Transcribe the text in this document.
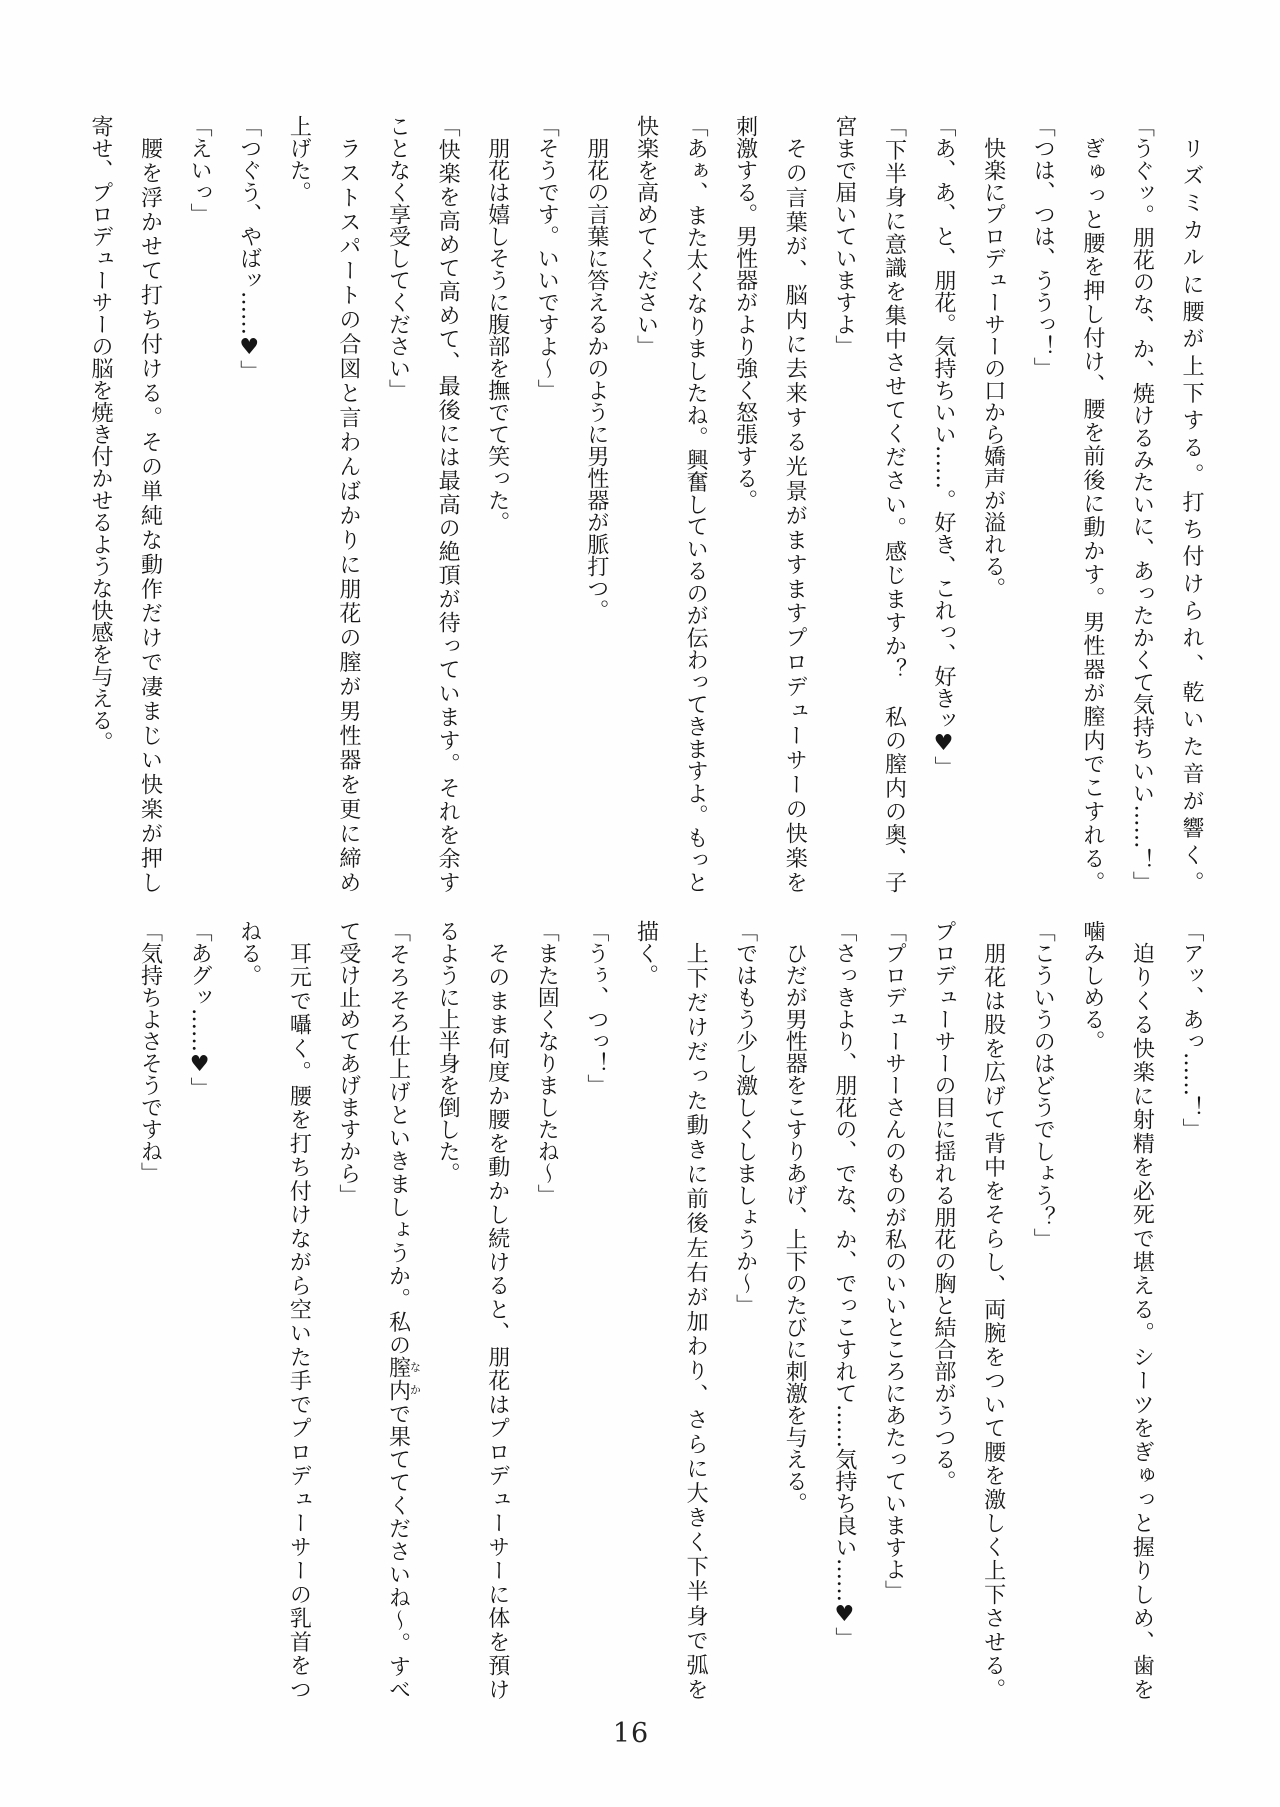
リズミカルに腰が上下する。打ち付けられ、乾いた音が響く。
「うぐッ。朋花のな、か、焼けるみたいに、あったかくて気持ちいい……！」
ぎゅっと腰を押し付け、腰を前後に動かす。男性器が膣内でこすれる。
「つは、つは、ううっ！」
快楽にプロデューサーの口から嬌声が溢れる。
「あ、あ、と、朋花。気持ちいい……。好き、これっ、好きッ♥」
「下半身に意識を集中させてください。感じますか？　私の膣内の奥、子
宮まで届いていますよ」
その言葉が、脳内に去来する光景がますますプロデューサーの快楽を
刺激する。男性器がより強く怒張する。
「あぁ、また太くなりましたね。興奮しているのが伝わってきますよ。もっと
快楽を高めてください」
朋花の言葉に答えるかのように男性器が脈打つ。
「そうです。いいですよ〜」
朋花は嬉しそうに腹部を撫でて笑った。
「快楽を高めて高めて、最後には最高の絶頂が待っています。それを余す
ことなく享受してください」
ラストスパートの合図と言わんばかりに朋花の膣が男性器を更に締め
上げた。
「つぐう、やばッ……♥」
「えいっ」
腰を浮かせて打ち付ける。その単純な動作だけで凄まじい快楽が押し
寄せ、プロデューサーの脳を焼き付かせるような快感を与える。
「アッ、あっ……！」
迫りくる快楽に射精を必死で堪える。シーツをぎゅっと握りしめ、歯を
噛みしめる。
「こういうのはどうでしょう？」
朋花は股を広げて背中をそらし、両腕をついて腰を激しく上下させる。
プロデューサーの目に揺れる朋花の胸と結合部がうつる。
「プロデューサーさんのものが私のいいところにあたっていますよ」
「さっきより、朋花の、でな、か、でっこすれて……気持ち良い……♥」
ひだが男性器をこすりあげ、上下のたびに刺激を与える。
「ではもう少し激しくしましょうか〜」
上下だけだった動きに前後左右が加わり、さらに大きく下半身で弧を
描く。
「うぅ、つっ！」
「また固くなりましたね〜」
そのまま何度か腰を動かし続けると、朋花はプロデューサーに体を預け
るように上半身を倒した。
「そろそろ仕上げといきましょうか。私の膣内なかで果ててくださいね〜。すべ
て受け止めてあげますから」
耳元で囁く。腰を打ち付けながら空いた手でプロデューサーの乳首をつ
ねる。
「あグッ……♥」
「気持ちよさそうですね」
16
